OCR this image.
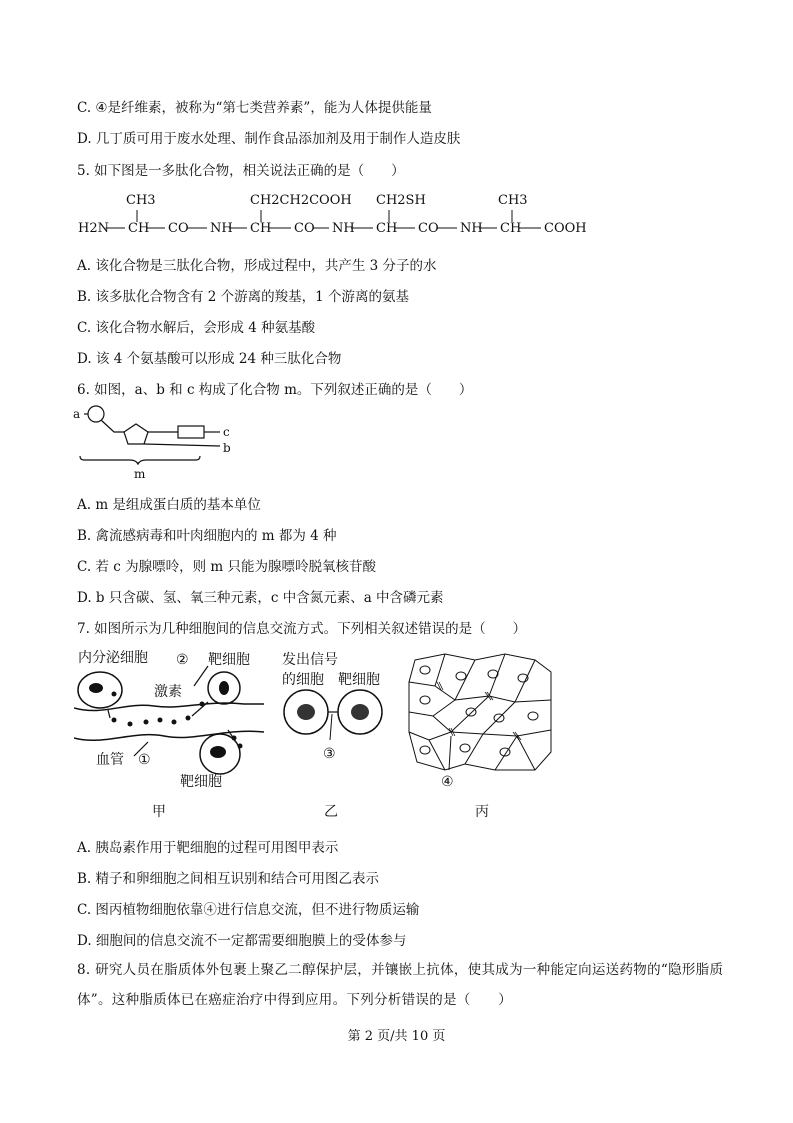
C. ④是纤维素，被称为“第七类营养素”，能为人体提供能量
D. 几丁质可用于废水处理、制作食品添加剂及用于制作人造皮肤
5. 如下图是一多肽化合物，相关说法正确的是（　　）
CH3	CH2CH2COOH CH2SH	CH3
H2N CH CO NH CH CO NH CH CO NH CH COOH
A. 该化合物是三肽化合物，形成过程中，共产生 3 分子的水
B. 该多肽化合物含有 2 个游离的羧基，1 个游离的氨基
C. 该化合物水解后，会形成 4 种氨基酸
D. 该 4 个氨基酸可以形成 24 种三肽化合物
6. 如图，a、b 和 c 构成了化合物 m。下列叙述正确的是（　　）
a
c
b
m
A. m 是组成蛋白质的基本单位
B. 禽流感病毒和叶肉细胞内的 m 都为 4 种
C. 若 c 为腺嘌呤，则 m 只能为腺嘌呤脱氧核苷酸
D. b 只含碳、氢、氧三种元素，c 中含氮元素、a 中含磷元素
7. 如图所示为几种细胞间的信息交流方式。下列相关叙述错误的是（　　）
内分泌细胞 ② 靶细胞
激素
血管 ①
靶细胞
甲
发出信号
的细胞 靶细胞
③
乙
④
丙
A. 胰岛素作用于靶细胞的过程可用图甲表示
B. 精子和卵细胞之间相互识别和结合可用图乙表示
C. 图丙植物细胞依靠④进行信息交流，但不进行物质运输
D. 细胞间的信息交流不一定都需要细胞膜上的受体参与
8. 研究人员在脂质体外包裹上聚乙二醇保护层，并镶嵌上抗体，使其成为一种能定向运送药物的“隐形脂质体”。这种脂质体已在癌症治疗中得到应用。下列分析错误的是（　　）
第 2 页/共 10 页
